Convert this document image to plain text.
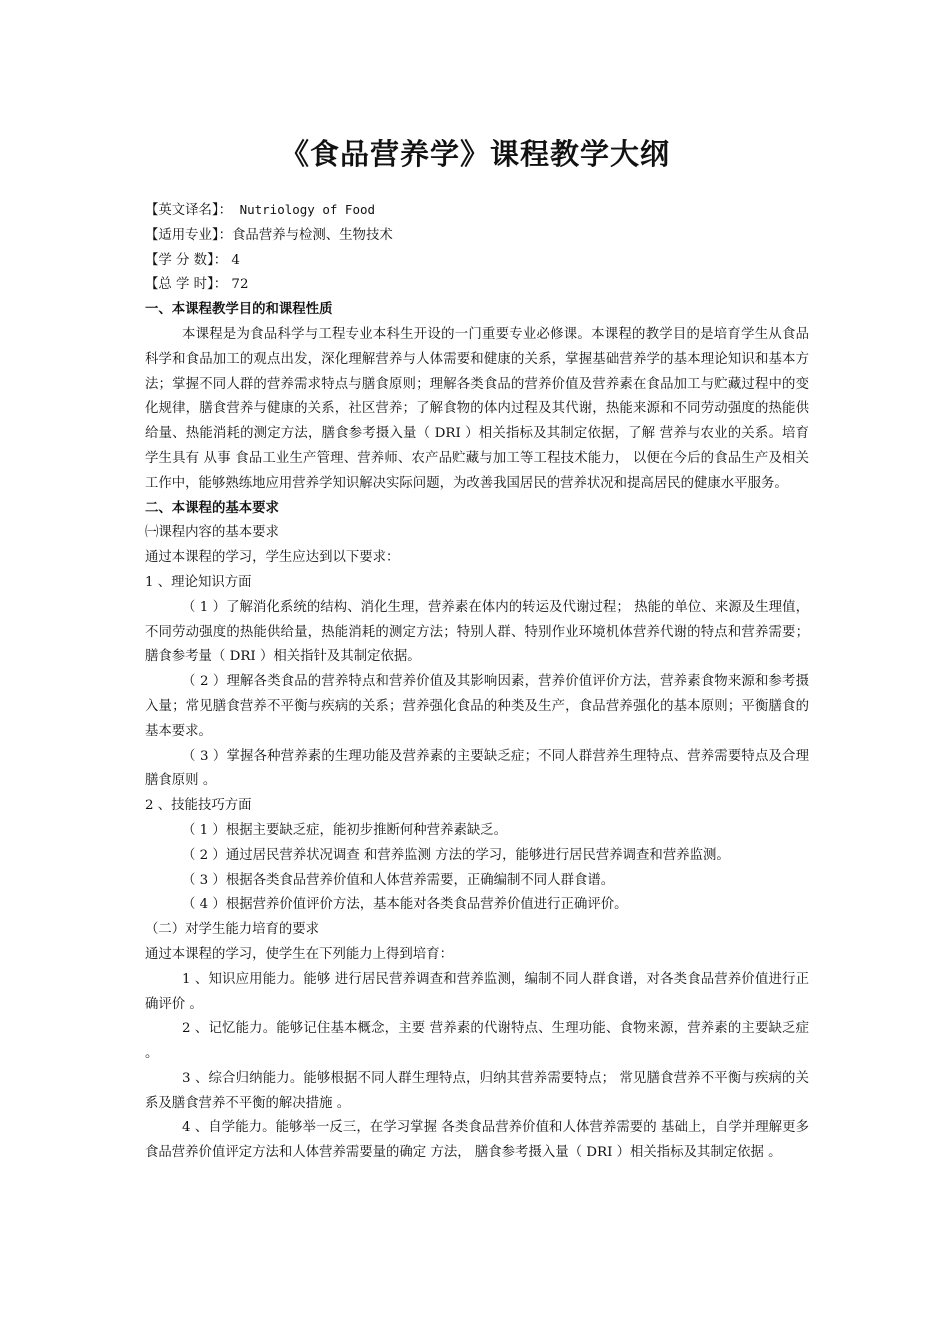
《食品营养学》课程教学大纲

【英文译名】： Nutriology of Food

【适用专业】：食品营养与检测、生物技术

【学 分 数】： 4

【总 学 时】： 72

一、本课程教学目的和课程性质

本课程是为食品科学与工程专业本科生开设的一门重要专业必修课。本课程的教学目的是培育学生从食品科学和食品加工的观点出发，深化理解营养与人体需要和健康的关系，掌握基础营养学的基本理论知识和基本方法；掌握不同人群的营养需求特点与膳食原则；理解各类食品的营养价值及营养素在食品加工与贮藏过程中的变化规律，膳食营养与健康的关系，社区营养；了解食物的体内过程及其代谢，热能来源和不同劳动强度的热能供给量、热能消耗的测定方法，膳食参考摄入量（ DRI ）相关指标及其制定依据，了解 营养与农业的关系。培育学生具有 从事 食品工业生产管理、营养师、农产品贮藏与加工等工程技术能力， 以便在今后的食品生产及相关工作中，能够熟练地应用营养学知识解决实际问题，为改善我国居民的营养状况和提高居民的健康水平服务。

二、本课程的基本要求

㈠课程内容的基本要求

通过本课程的学习，学生应达到以下要求：

1 、理论知识方面

（ 1 ）了解消化系统的结构、消化生理，营养素在体内的转运及代谢过程； 热能的单位、来源及生理值，不同劳动强度的热能供给量，热能消耗的测定方法；特别人群、特别作业环境机体营养代谢的特点和营养需要；膳食参考量（ DRI ）相关指针及其制定依据。

（ 2 ）理解各类食品的营养特点和营养价值及其影响因素，营养价值评价方法，营养素食物来源和参考摄入量；常见膳食营养不平衡与疾病的关系；营养强化食品的种类及生产，食品营养强化的基本原则；平衡膳食的基本要求。

（ 3 ）掌握各种营养素的生理功能及营养素的主要缺乏症；不同人群营养生理特点、营养需要特点及合理膳食原则 。

2 、技能技巧方面

（ 1 ）根据主要缺乏症，能初步推断何种营养素缺乏。

（ 2 ）通过居民营养状况调查 和营养监测 方法的学习，能够进行居民营养调查和营养监测。

（ 3 ）根据各类食品营养价值和人体营养需要，正确编制不同人群食谱。

（ 4 ）根据营养价值评价方法，基本能对各类食品营养价值进行正确评价。

（二）对学生能力培育的要求

通过本课程的学习，使学生在下列能力上得到培育：

1 、知识应用能力。能够 进行居民营养调查和营养监测，编制不同人群食谱，对各类食品营养价值进行正确评价 。

2 、记忆能力。能够记住基本概念，主要 营养素的代谢特点、生理功能、食物来源，营养素的主要缺乏症 。

3 、综合归纳能力。能够根据不同人群生理特点，归纳其营养需要特点； 常见膳食营养不平衡与疾病的关系及膳食营养不平衡的解决措施 。

4 、自学能力。能够举一反三，在学习掌握 各类食品营养价值和人体营养需要的 基础上，自学并理解更多 食品营养价值评定方法和人体营养需要量的确定 方法， 膳食参考摄入量（ DRI ）相关指标及其制定依据 。
